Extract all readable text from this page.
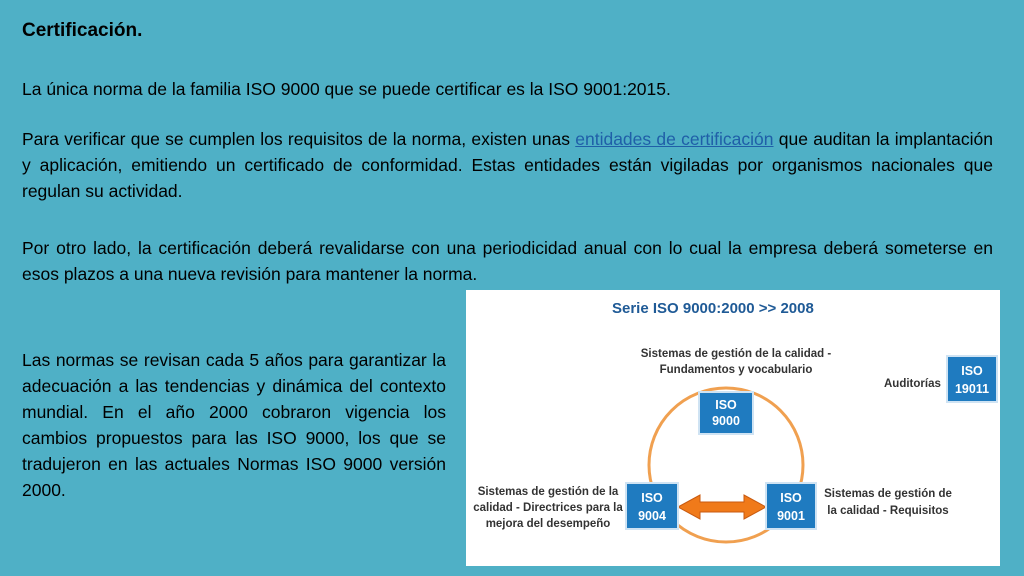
Certificación.

La única norma de la familia ISO 9000 que se puede certificar es la ISO 9001:2015.

Para verificar que se cumplen los requisitos de la norma, existen unas entidades de certificación que auditan la implantación y aplicación, emitiendo un certificado de conformidad. Estas entidades están vigiladas por organismos nacionales que regulan su actividad.

Por otro lado, la certificación deberá revalidarse con una periodicidad anual con lo cual la empresa deberá someterse en esos plazos a una nueva revisión para mantener la norma.

Las normas se revisan cada 5 años para garantizar la adecuación a las tendencias y dinámica del contexto mundial. En el año 2000 cobraron vigencia los cambios propuestos para las ISO 9000, los que se tradujeron en las actuales Normas ISO 9000 versión 2000.

Serie ISO 9000:2000 >> 2008
Sistemas de gestión de la calidad -
Fundamentos y vocabulario
ISO
9000
Auditorías
ISO
19011
Sistemas de gestión de la
calidad - Directrices para la
mejora del desempeño
ISO
9004
ISO
9001
Sistemas de gestión de
la calidad - Requisitos
